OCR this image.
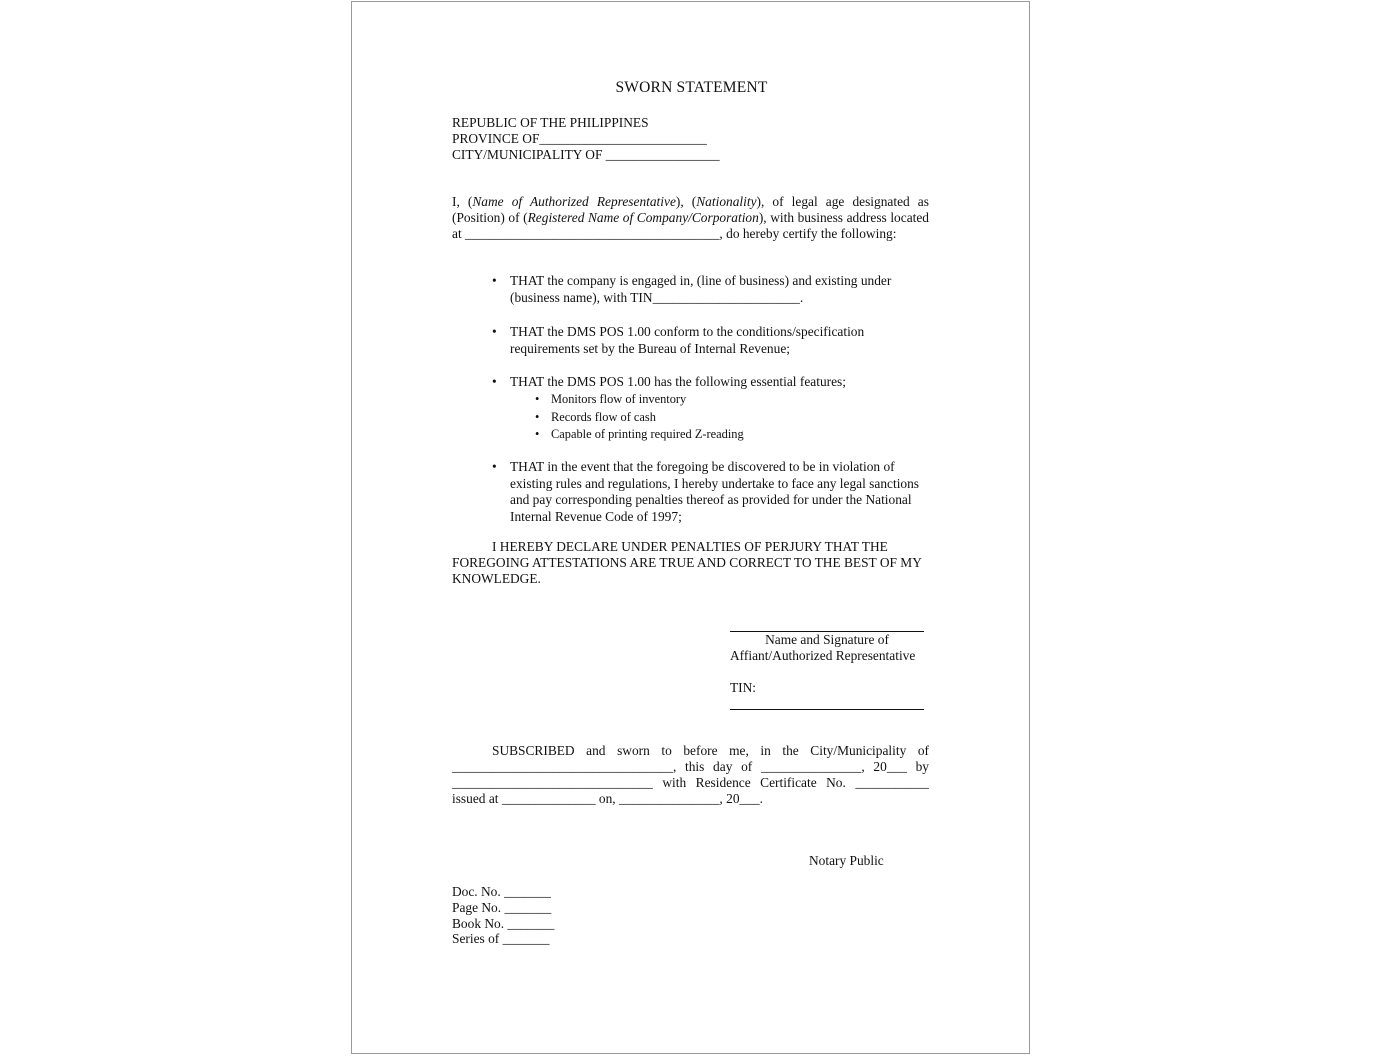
SWORN STATEMENT
REPUBLIC OF THE PHILIPPINES
PROVINCE OF_________________________
CITY/MUNICIPALITY OF _________________
I, (Name of Authorized Representative), (Nationality), of legal age designated as (Position) of (Registered Name of Company/Corporation), with business address located at ______________________________________, do hereby certify the following:
• THAT the company is engaged in, (line of business) and existing under (business name), with TIN______________________.
• THAT the DMS POS 1.00 conform to the conditions/specification requirements set by the Bureau of Internal Revenue;
• THAT the DMS POS 1.00 has the following essential features;
• Monitors flow of inventory
• Records flow of cash
• Capable of printing required Z-reading
• THAT in the event that the foregoing be discovered to be in violation of existing rules and regulations, I hereby undertake to face any legal sanctions and pay corresponding penalties thereof as provided for under the National Internal Revenue Code of 1997;
I HEREBY DECLARE UNDER PENALTIES OF PERJURY THAT THE FOREGOING ATTESTATIONS ARE TRUE AND CORRECT TO THE BEST OF MY KNOWLEDGE.
Name and Signature of
Affiant/Authorized Representative
TIN:
SUBSCRIBED and sworn to before me, in the City/Municipality of
_________________________________, this day of _______________, 20___ by
______________________________ with Residence Certificate No. ___________
issued at ______________ on, _______________, 20___.
Notary Public
Doc. No. _______
Page No. _______
Book No. _______
Series of _______
